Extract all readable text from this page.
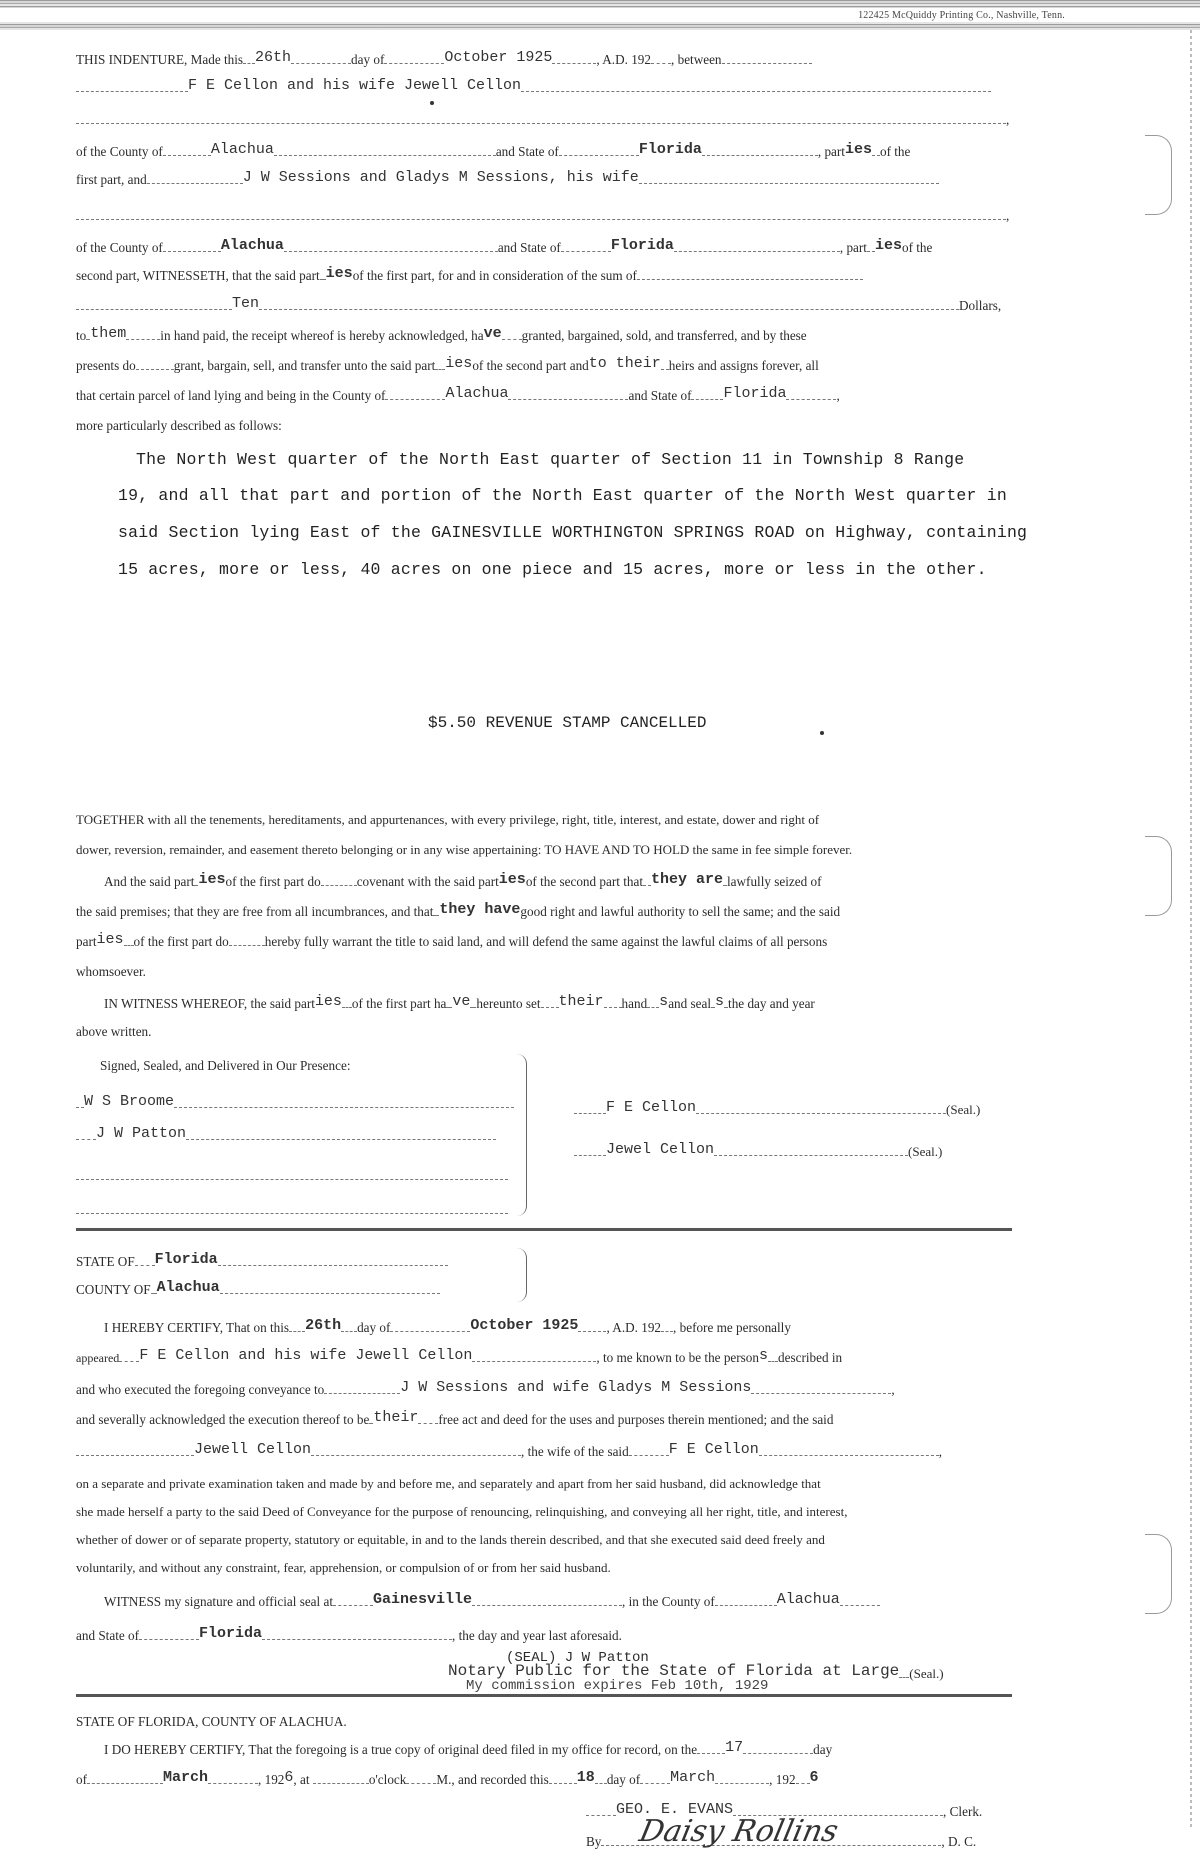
122425 McQuiddy Printing Co., Nashville, Tenn.
THIS INDENTURE, Made this 26th	day of	October 1925	, A.D. 192 , between
F E Cellon and his wife Jewell Cellon
,
of the County of	Alachua	and State of	Florida	, parties of the
first part, and	J W Sessions and Gladys M Sessions, his wife
,
of the County of	Alachua	and State of	Florida	, part iesof the
second part, WITNESSETH, that the said part iesof the first part, for and in consideration of the sum of
Ten	Dollars,
to them	in hand paid, the receipt whereof is hereby acknowledged, have granted, bargained, sold, and transferred, and by these
presents do	grant, bargain, sell, and transfer unto the said part iesof the second part andto their heirs and assigns forever, all
that certain parcel of land lying and being in the County of	Alachua	and State of Florida	,
more particularly described as follows:
The North West quarter of the North East quarter of Section 11 in Township 8 Range
19, and all that part and portion of the North East quarter of the North West quarter in
said Section lying East of the GAINESVILLE WORTHINGTON SPRINGS ROAD on Highway, containing
15 acres, more or less, 40 acres on one piece and 15 acres, more or less in the other.
$5.50 REVENUE STAMP CANCELLED
TOGETHER with all the tenements, hereditaments, and appurtenances, with every privilege, right, title, interest, and estate, dower and right of
dower, reversion, remainder, and easement thereto belonging or in any wise appertaining: TO HAVE AND TO HOLD the same in fee simple forever.
And the said part iesof the first part do	covenant with the said partiesof the second part that they are lawfully seized of
the said premises; that they are free from all incumbrances, and that they havegood right and lawful authority to sell the same; and the said
parties of the first part do	hereby fully warrant the title to said land, and will defend the same against the lawful claims of all persons
whomsoever.
IN WITNESS WHEREOF, the said parties of the first part ha ve hereunto set their hand sand seal s the day and year
above written.
Signed, Sealed, and Delivered in Our Presence:
W S Broome
J W Patton
F E Cellon	(Seal.)
Jewel Cellon	(Seal.)
STATE OF Florida
COUNTY OF Alachua
I HEREBY CERTIFY, That on this 26th day of	October 1925 , A.D. 192 , before me personally
appeared F E Cellon and his wife Jewell Cellon	, to me known to be the persons described in
and who executed the foregoing conveyance to	J W Sessions and wife Gladys M Sessions	,
and severally acknowledged the execution thereof to be their free act and deed for the uses and purposes therein mentioned; and the said
Jewell Cellon	, the wife of the said	F E Cellon	,
on a separate and private examination taken and made by and before me, and separately and apart from her said husband, did acknowledge that
she made herself a party to the said Deed of Conveyance for the purpose of renouncing, relinquishing, and conveying all her right, title, and interest,
whether of dower or of separate property, statutory or equitable, in and to the lands therein described, and that she executed said deed freely and
voluntarily, and without any constraint, fear, apprehension, or compulsion of or from her said husband.
WITNESS my signature and official seal at	Gainesville	, in the County of	Alachua
and State of	Florida	, the day and year last aforesaid.
(SEAL) J W Patton
Notary Public for the State of Florida at Large (Seal.)
My commission expires Feb 10th, 1929
STATE OF FLORIDA, COUNTY OF ALACHUA.
I DO HEREBY CERTIFY, That the foregoing is a true copy of original deed filed in my office for record, on the 17	day
of	March	, 1926, at	o'clock M., and recorded this 18 day of March	, 192 6
GEO. E. EVANS	, Clerk.
By	, D. C.
Daisy Rollins
